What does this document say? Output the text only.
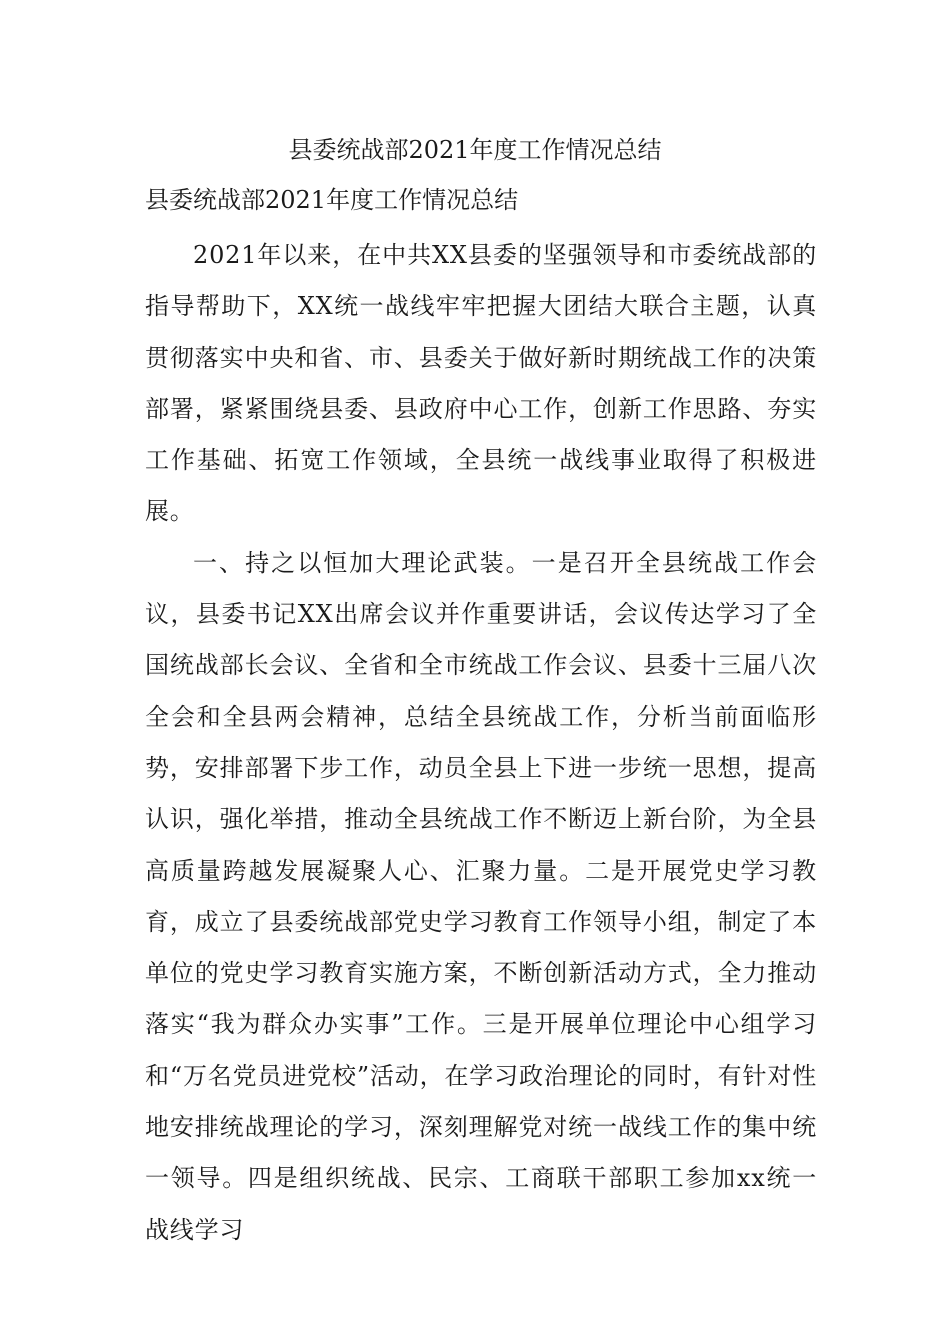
县委统战部2021年度工作情况总结
县委统战部2021年度工作情况总结

2021年以来，在中共XX县委的坚强领导和市委统战部的指导帮助下，XX统一战线牢牢把握大团结大联合主题，认真贯彻落实中央和省、市、县委关于做好新时期统战工作的决策部署，紧紧围绕县委、县政府中心工作，创新工作思路、夯实工作基础、拓宽工作领域，全县统一战线事业取得了积极进展。

一、持之以恒加大理论武装。一是召开全县统战工作会议，县委书记XX出席会议并作重要讲话，会议传达学习了全国统战部长会议、全省和全市统战工作会议、县委十三届八次全会和全县两会精神，总结全县统战工作，分析当前面临形势，安排部署下步工作，动员全县上下进一步统一思想，提高认识，强化举措，推动全县统战工作不断迈上新台阶，为全县高质量跨越发展凝聚人心、汇聚力量。二是开展党史学习教育，成立了县委统战部党史学习教育工作领导小组，制定了本单位的党史学习教育实施方案，不断创新活动方式，全力推动落实“我为群众办实事”工作。三是开展单位理论中心组学习和“万名党员进党校”活动，在学习政治理论的同时，有针对性地安排统战理论的学习，深刻理解党对统一战线工作的集中统一领导。四是组织统战、民宗、工商联干部职工参加xx统一战线学习
